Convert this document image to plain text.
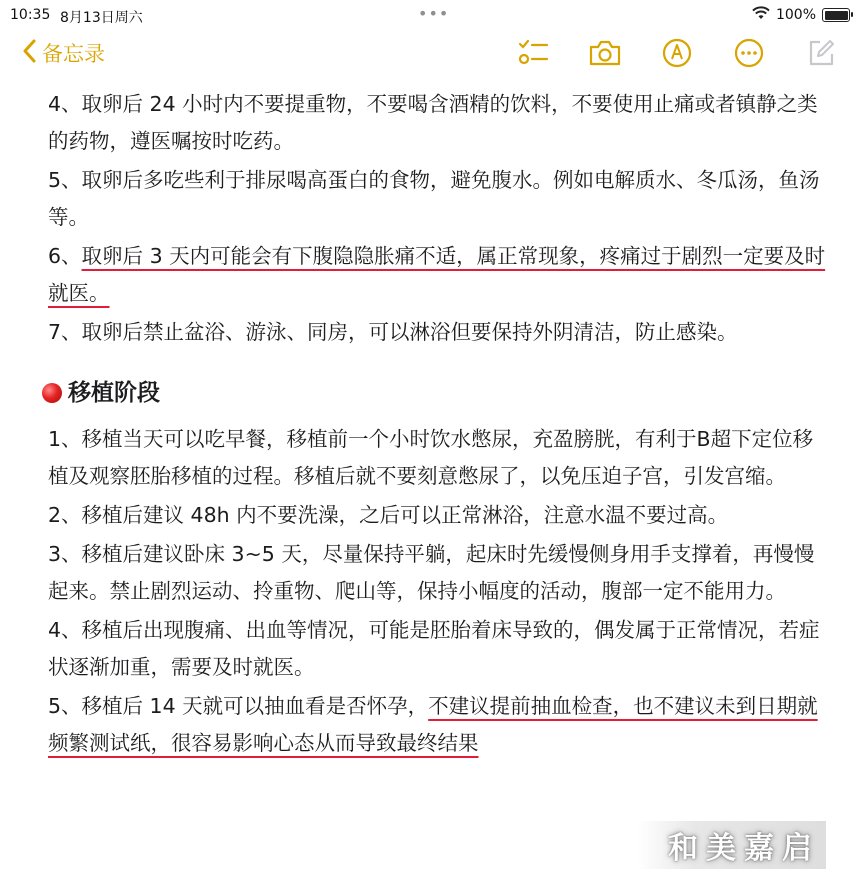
10:35 8月13日周六	•••	100%
备忘录

4、取卵后 24 小时内不要提重物，不要喝含酒精的饮料，不要使用止痛或者镇静之类的药物，遵医嘱按时吃药。

5、取卵后多吃些利于排尿喝高蛋白的食物，避免腹水。例如电解质水、冬瓜汤，鱼汤等。

6、取卵后 3 天内可能会有下腹隐隐胀痛不适，属正常现象，疼痛过于剧烈一定要及时就医。

7、取卵后禁止盆浴、游泳、同房，可以淋浴但要保持外阴清洁，防止感染。

移植阶段

1、移植当天可以吃早餐，移植前一个小时饮水憋尿，充盈膀胱，有利于B超下定位移植及观察胚胎移植的过程。移植后就不要刻意憋尿了，以免压迫子宫，引发宫缩。

2、移植后建议 48h 内不要洗澡，之后可以正常淋浴，注意水温不要过高。

3、移植后建议卧床 3~5 天，尽量保持平躺，起床时先缓慢侧身用手支撑着，再慢慢起来。禁止剧烈运动、拎重物、爬山等，保持小幅度的活动，腹部一定不能用力。

4、移植后出现腹痛、出血等情况，可能是胚胎着床导致的，偶发属于正常情况，若症状逐渐加重，需要及时就医。

5、移植后 14 天就可以抽血看是否怀孕，不建议提前抽血检查，也不建议未到日期就频繁测试纸，很容易影响心态从而导致最终结果

和美嘉启
